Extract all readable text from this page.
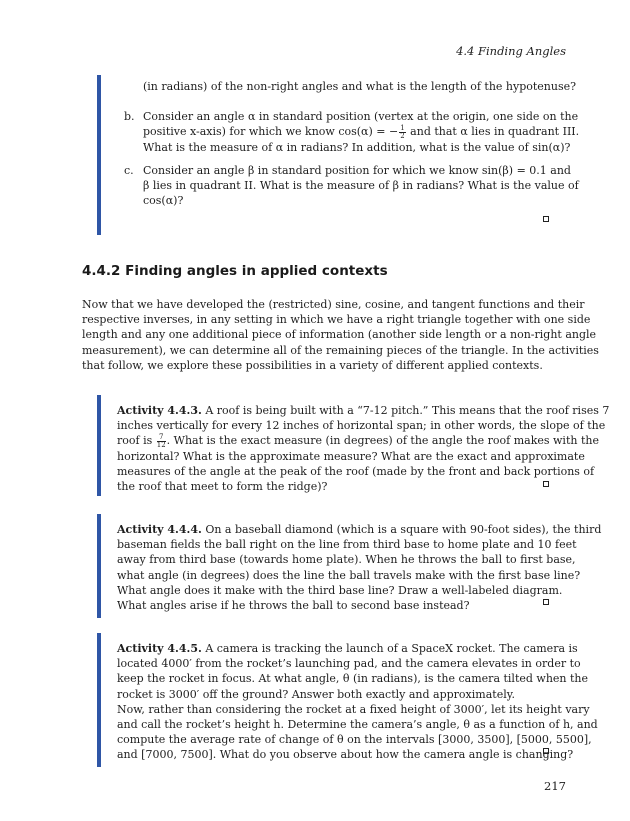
4.4 Finding Angles
(in radians) of the non-right angles and what is the length of the hypotenuse?
b. Consider an angle α in standard position (vertex at the origin, one side on the
positive x-axis) for which we know cos(α) = − $\frac{1}{2}$ and that α lies in quadrant III.
What is the measure of α in radians? In addition, what is the value of sin(α)?
c. Consider an angle β in standard position for which we know sin(β) = 0.1 and
β lies in quadrant II. What is the measure of β in radians? What is the value of
cos(α)?
4.4.2 Finding angles in applied contexts
Now that we have developed the (restricted) sine, cosine, and tangent functions and their
respective inverses, in any setting in which we have a right triangle together with one side
length and any one additional piece of information (another side length or a non-right angle
measurement), we can determine all of the remaining pieces of the triangle. In the activities
that follow, we explore these possibilities in a variety of different applied contexts.
Activity 4.4.3. A roof is being built with a “7-12 pitch.” This means that the roof rises 7
inches vertically for every 12 inches of horizontal span; in other words, the slope of the
roof is $\frac{7}{12}$ . What is the exact measure (in degrees) of the angle the roof makes with the
horizontal? What is the approximate measure? What are the exact and approximate
measures of the angle at the peak of the roof (made by the front and back portions of
the roof that meet to form the ridge)?
Activity 4.4.4. On a baseball diamond (which is a square with 90-foot sides), the third
baseman fields the ball right on the line from third base to home plate and 10 feet
away from third base (towards home plate). When he throws the ball to first base,
what angle (in degrees) does the line the ball travels make with the first base line?
What angle does it make with the third base line? Draw a well-labeled diagram.
What angles arise if he throws the ball to second base instead?
Activity 4.4.5. A camera is tracking the launch of a SpaceX rocket. The camera is
located 4000′ from the rocket’s launching pad, and the camera elevates in order to
keep the rocket in focus. At what angle, θ (in radians), is the camera tilted when the
rocket is 3000′ off the ground? Answer both exactly and approximately.
Now, rather than considering the rocket at a fixed height of 3000′, let its height vary
and call the rocket’s height h. Determine the camera’s angle, θ as a function of h, and
compute the average rate of change of θ on the intervals [3000, 3500], [5000, 5500],
and [7000, 7500]. What do you observe about how the camera angle is changing?
217
